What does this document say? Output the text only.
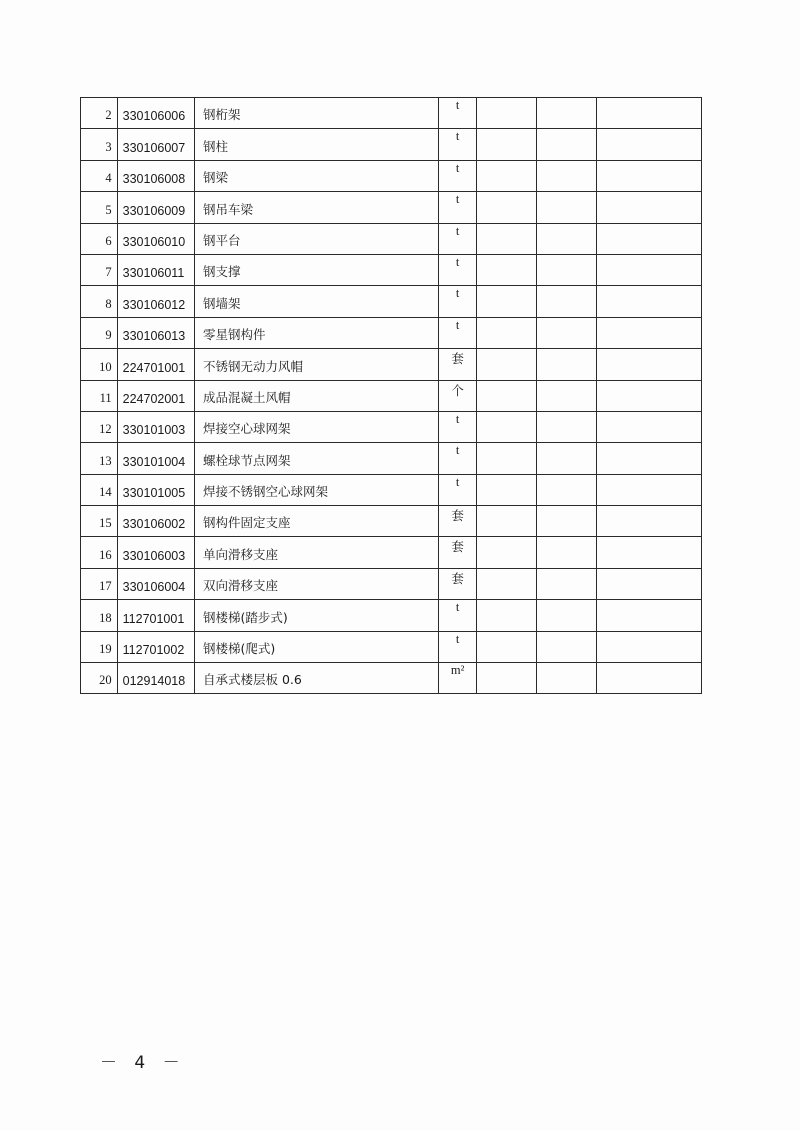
2	330106006	钢桁架	t			
3	330106007	钢柱	t			
4	330106008	钢梁	t			
5	330106009	钢吊车梁	t			
6	330106010	钢平台	t			
7	330106011	钢支撑	t			
8	330106012	钢墙架	t			
9	330106013	零星钢构件	t			
10	224701001	不锈钢无动力风帽	套			
11	224702001	成品混凝土风帽	个			
12	330101003	焊接空心球网架	t			
13	330101004	螺栓球节点网架	t			
14	330101005	焊接不锈钢空心球网架	t			
15	330106002	钢构件固定支座	套			
16	330106003	单向滑移支座	套			
17	330106004	双向滑移支座	套			
18	112701001	钢楼梯(踏步式)	t			
19	112701002	钢楼梯(爬式)	t			
20	012914018	自承式楼层板 0.6	m²			
－ 4 －
